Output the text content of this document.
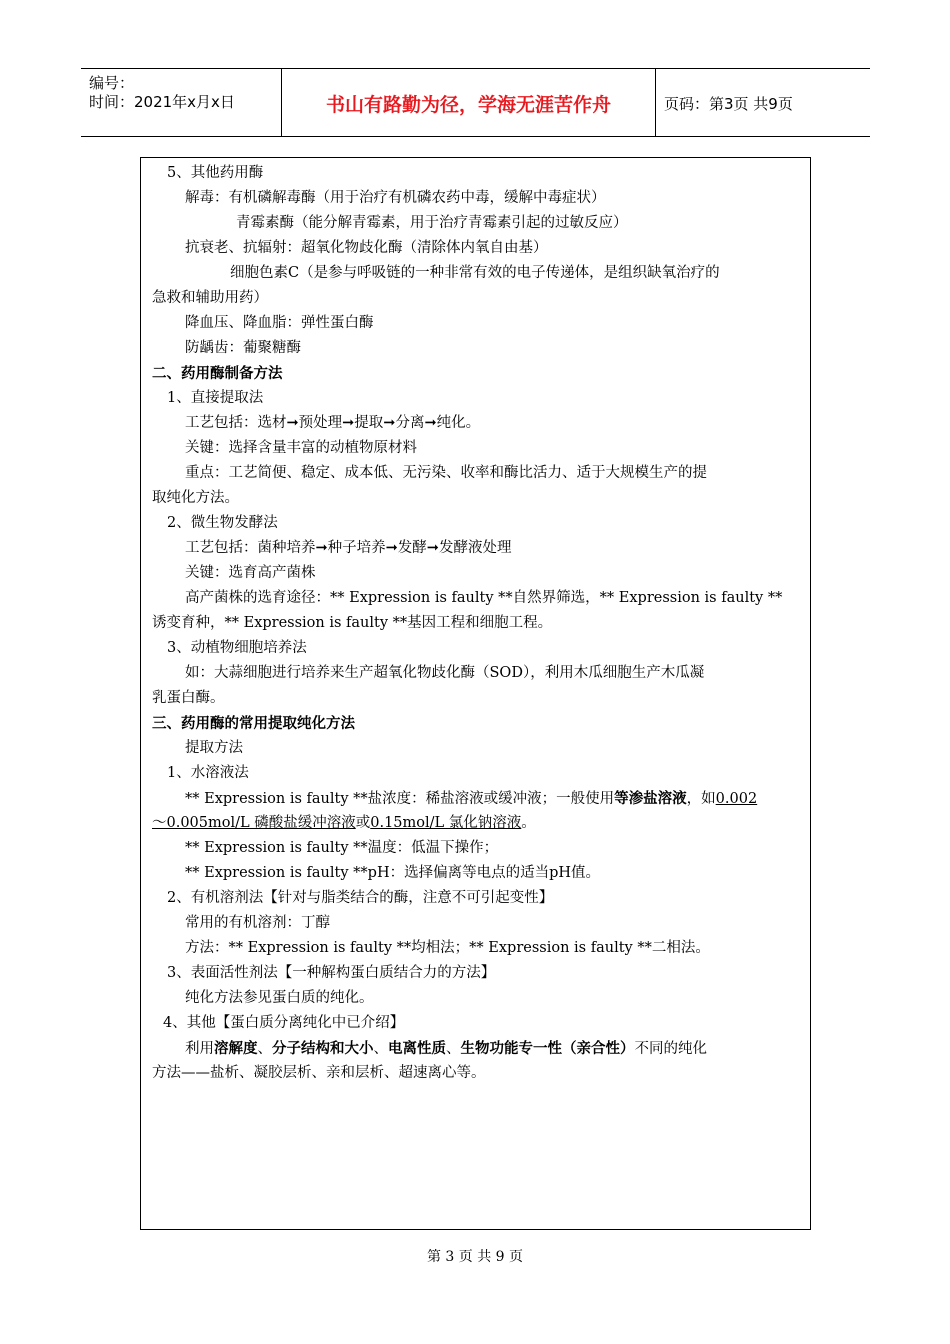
编号：
时间：2021年x月x日	书山有路勤为径，学海无涯苦作舟	页码：第3页 共9页
5、其他药用酶
解毒：有机磷解毒酶（用于治疗有机磷农药中毒，缓解中毒症状）
青霉素酶（能分解青霉素，用于治疗青霉素引起的过敏反应）
抗衰老、抗辐射：超氧化物歧化酶（清除体内氧自由基）
细胞色素C（是参与呼吸链的一种非常有效的电子传递体，是组织缺氧治疗的
急救和辅助用药）
降血压、降血脂：弹性蛋白酶
防龋齿：葡聚糖酶
二、药用酶制备方法
1、直接提取法
工艺包括：选材➞预处理➞提取➞分离➞纯化。
关键：选择含量丰富的动植物原材料
重点：工艺简便、稳定、成本低、无污染、收率和酶比活力、适于大规模生产的提
取纯化方法。
2、微生物发酵法
工艺包括：菌种培养➞种子培养➞发酵➞发酵液处理
关键：选育高产菌株
高产菌株的选育途径：** Expression is faulty **自然界筛选，** Expression is faulty **
诱变育种，** Expression is faulty **基因工程和细胞工程。
3、动植物细胞培养法
如：大蒜细胞进行培养来生产超氧化物歧化酶（SOD），利用木瓜细胞生产木瓜凝
乳蛋白酶。
三、药用酶的常用提取纯化方法
提取方法
1、水溶液法
** Expression is faulty **盐浓度：稀盐溶液或缓冲液；一般使用等渗盐溶液，如0.002
～0.005mol/L 磷酸盐缓冲溶液或0.15mol/L 氯化钠溶液。
** Expression is faulty **温度：低温下操作；
** Expression is faulty **pH：选择偏离等电点的适当pH值。
2、有机溶剂法【针对与脂类结合的酶，注意不可引起变性】
常用的有机溶剂：丁醇
方法：** Expression is faulty **均相法；** Expression is faulty **二相法。
3、表面活性剂法【一种解构蛋白质结合力的方法】
纯化方法参见蛋白质的纯化。
4、其他【蛋白质分离纯化中已介绍】
利用溶解度、分子结构和大小、电离性质、生物功能专一性（亲合性）不同的纯化
方法——盐析、凝胶层析、亲和层析、超速离心等。
第 3 页 共 9 页
